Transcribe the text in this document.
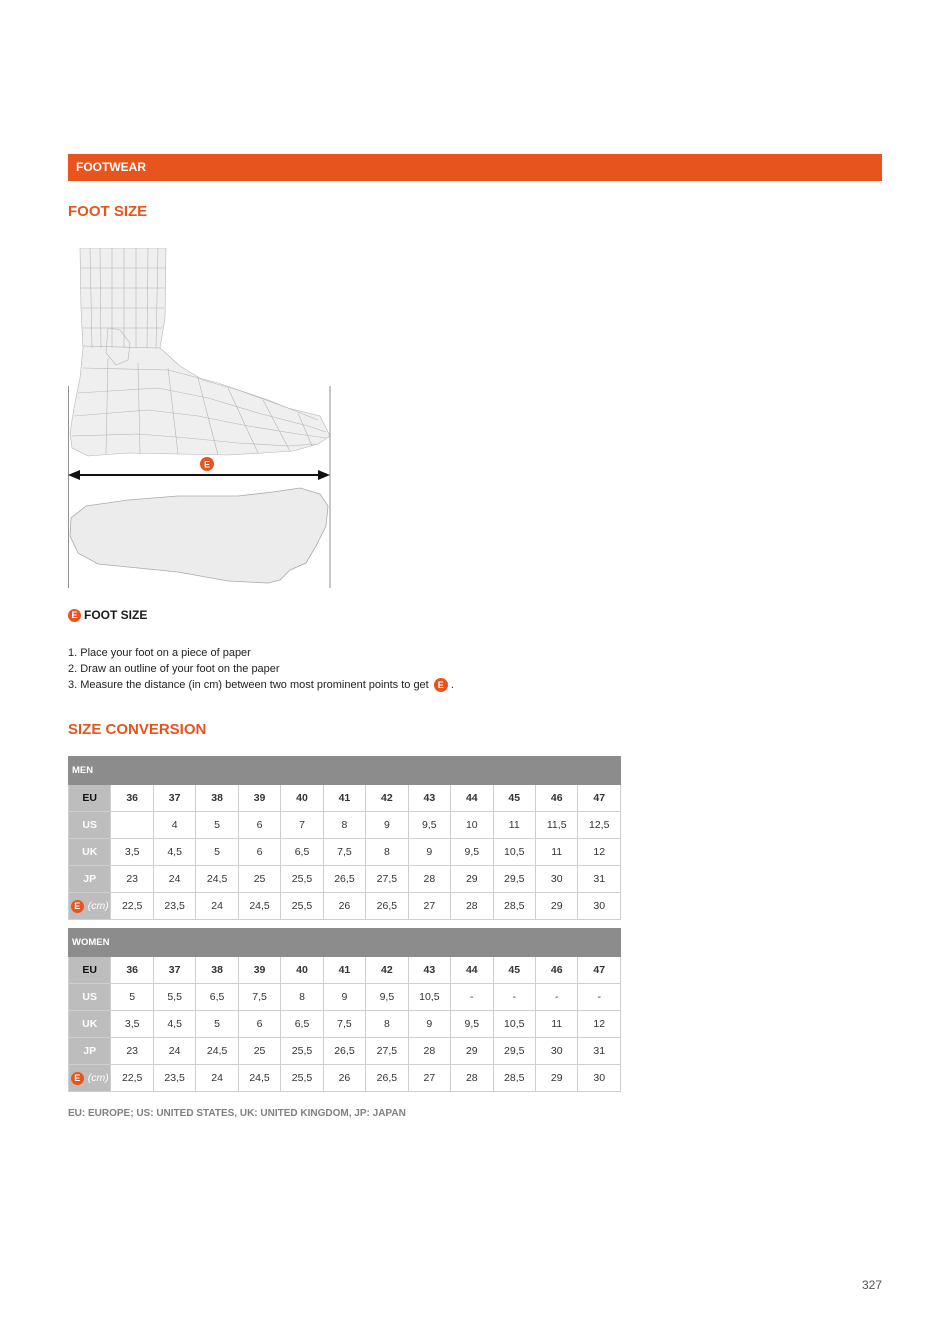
FOOTWEAR
FOOT SIZE
E
E FOOT SIZE
1. Place your foot on a piece of paper
2. Draw an outline of your foot on the paper
3. Measure the distance (in cm) between two most prominent points to get E .
SIZE CONVERSION
MEN												
EU	36	37	38	39	40	41	42	43	44	45	46	47
US		4	5	6	7	8	9	9,5	10	11	11,5	12,5
UK	3,5	4,5	5	6	6,5	7,5	8	9	9,5	10,5	11	12
JP	23	24	24,5	25	25,5	26,5	27,5	28	29	29,5	30	31
E (cm)	22,5	23,5	24	24,5	25,5	26	26,5	27	28	28,5	29	30
WOMEN												
EU	36	37	38	39	40	41	42	43	44	45	46	47
US	5	5,5	6,5	7,5	8	9	9,5	10,5	-	-	-	-
UK	3,5	4,5	5	6	6,5	7,5	8	9	9,5	10,5	11	12
JP	23	24	24,5	25	25,5	26,5	27,5	28	29	29,5	30	31
E (cm)	22,5	23,5	24	24,5	25,5	26	26,5	27	28	28,5	29	30
EU: EUROPE; US: UNITED STATES, UK: UNITED KINGDOM, JP: JAPAN
327
